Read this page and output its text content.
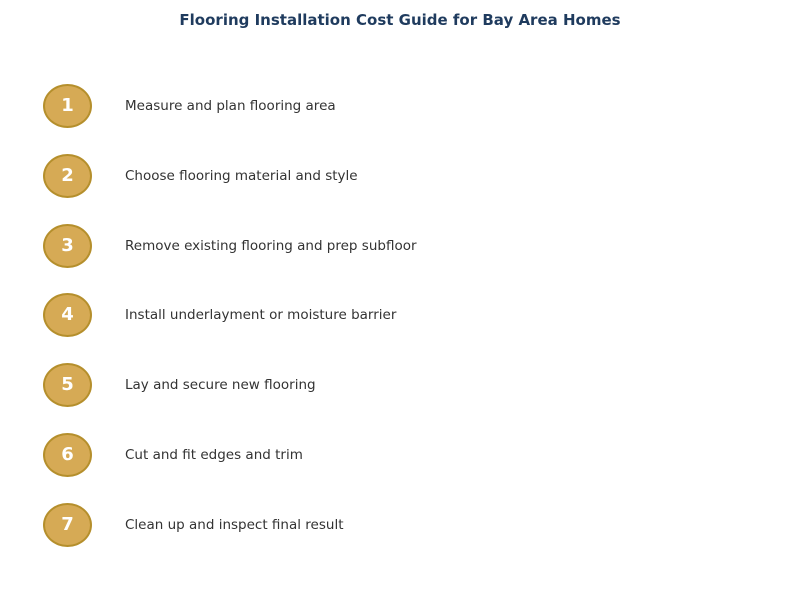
Flooring Installation Cost Guide for Bay Area Homes
1	Measure and plan flooring area
2	Choose flooring material and style
3	Remove existing flooring and prep subfloor
4	Install underlayment or moisture barrier
5	Lay and secure new flooring
6	Cut and fit edges and trim
7	Clean up and inspect final result
